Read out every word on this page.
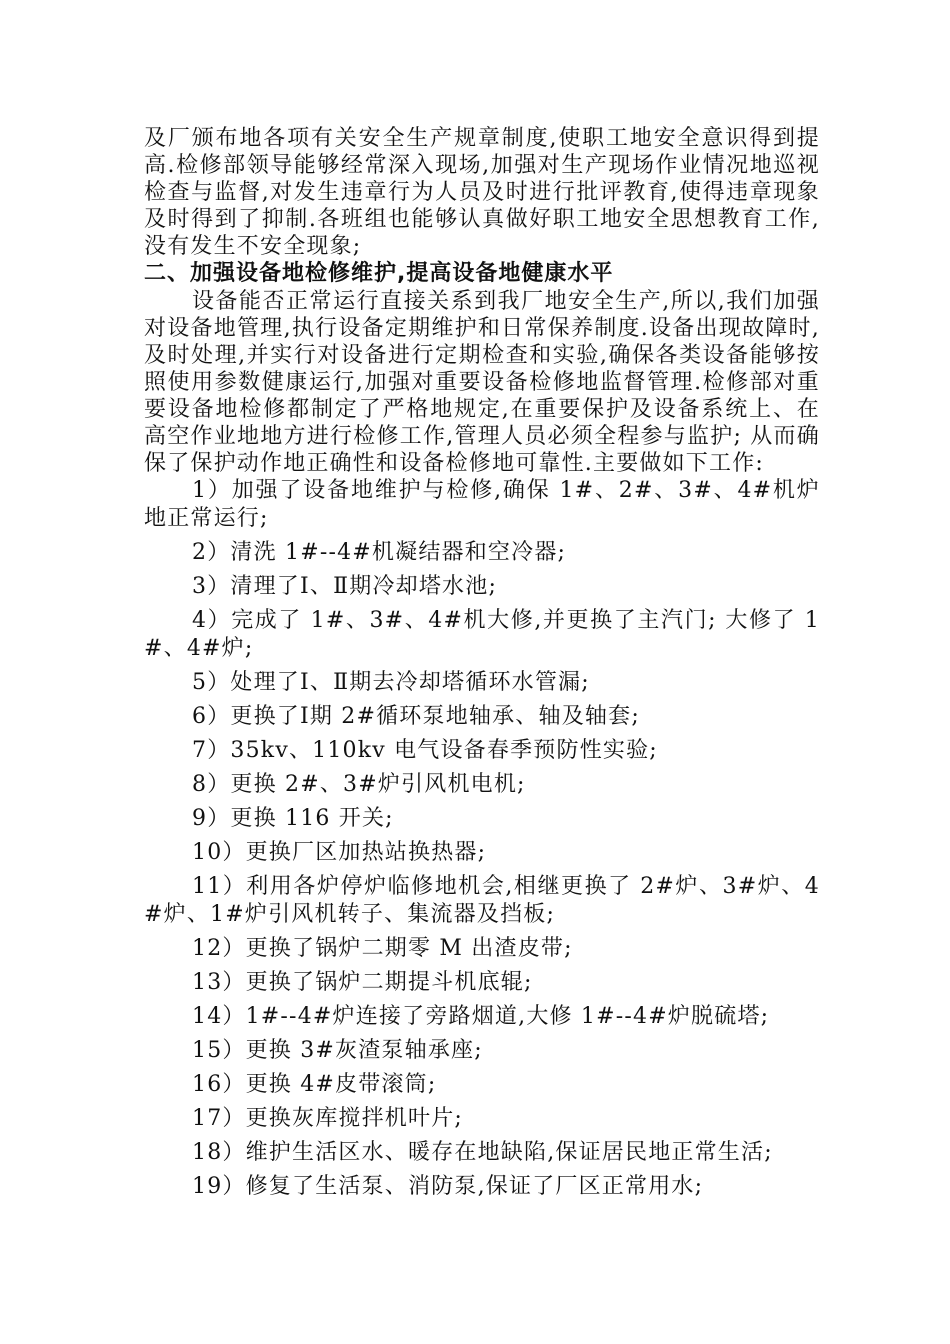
及厂颁布地各项有关安全生产规章制度,使职工地安全意识得到提高.检修部领导能够经常深入现场,加强对生产现场作业情况地巡视检查与监督,对发生违章行为人员及时进行批评教育,使得违章现象及时得到了抑制.各班组也能够认真做好职工地安全思想教育工作,没有发生不安全现象;

二、加强设备地检修维护,提高设备地健康水平

设备能否正常运行直接关系到我厂地安全生产,所以,我们加强对设备地管理,执行设备定期维护和日常保养制度.设备出现故障时,及时处理,并实行对设备进行定期检查和实验,确保各类设备能够按照使用参数健康运行,加强对重要设备检修地监督管理.检修部对重要设备地检修都制定了严格地规定,在重要保护及设备系统上、在高空作业地地方进行检修工作,管理人员必须全程参与监护; 从而确保了保护动作地正确性和设备检修地可靠性.主要做如下工作:

1）加强了设备地维护与检修,确保 1#、2#、3#、4#机炉地正常运行;
2）清洗 1#--4#机凝结器和空冷器;
3）清理了Ⅰ、Ⅱ期冷却塔水池;
4）完成了 1#、3#、4#机大修,并更换了主汽门; 大修了 1#、4#炉;
5）处理了Ⅰ、Ⅱ期去冷却塔循环水管漏;
6）更换了Ⅰ期 2#循环泵地轴承、轴及轴套;
7）35kv、110kv 电气设备春季预防性实验;
8）更换 2#、3#炉引风机电机;
9）更换 116 开关;
10）更换厂区加热站换热器;
11）利用各炉停炉临修地机会,相继更换了 2#炉、3#炉、4#炉、1#炉引风机转子、集流器及挡板;
12）更换了锅炉二期零 M 出渣皮带;
13）更换了锅炉二期提斗机底辊;
14）1#--4#炉连接了旁路烟道,大修 1#--4#炉脱硫塔;
15）更换 3#灰渣泵轴承座;
16）更换 4#皮带滚筒;
17）更换灰库搅拌机叶片;
18）维护生活区水、暖存在地缺陷,保证居民地正常生活;
19）修复了生活泵、消防泵,保证了厂区正常用水;
